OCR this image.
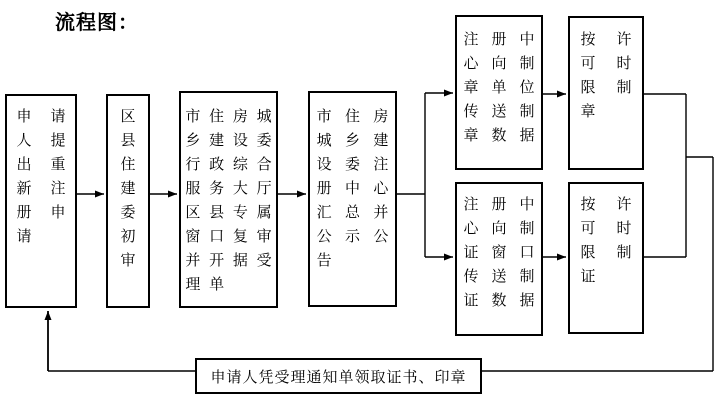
流程图：
申	请
人	提
出	重
新	注
册	申
请
区
县
住
建
委
初
审
市 住 房 城
乡 建 设 委
行 政 综 合
服 务 大 厅
区 县 专 属
窗 口 复 审
并 开 据 受
理 单
市 住 房
城 乡 建
设 委 注
册 中 心
汇 总 并
公 示 公
告
注 册 中
心 向 制
章 单 位
传 送 制
章 数 据
按	许
可	时
限	制
章
注 册 中
心 向 制
证 窗 口
传 送 制
证 数 据
按	许
可	时
限	制
证
申请人凭受理通知单领取证书、印章
